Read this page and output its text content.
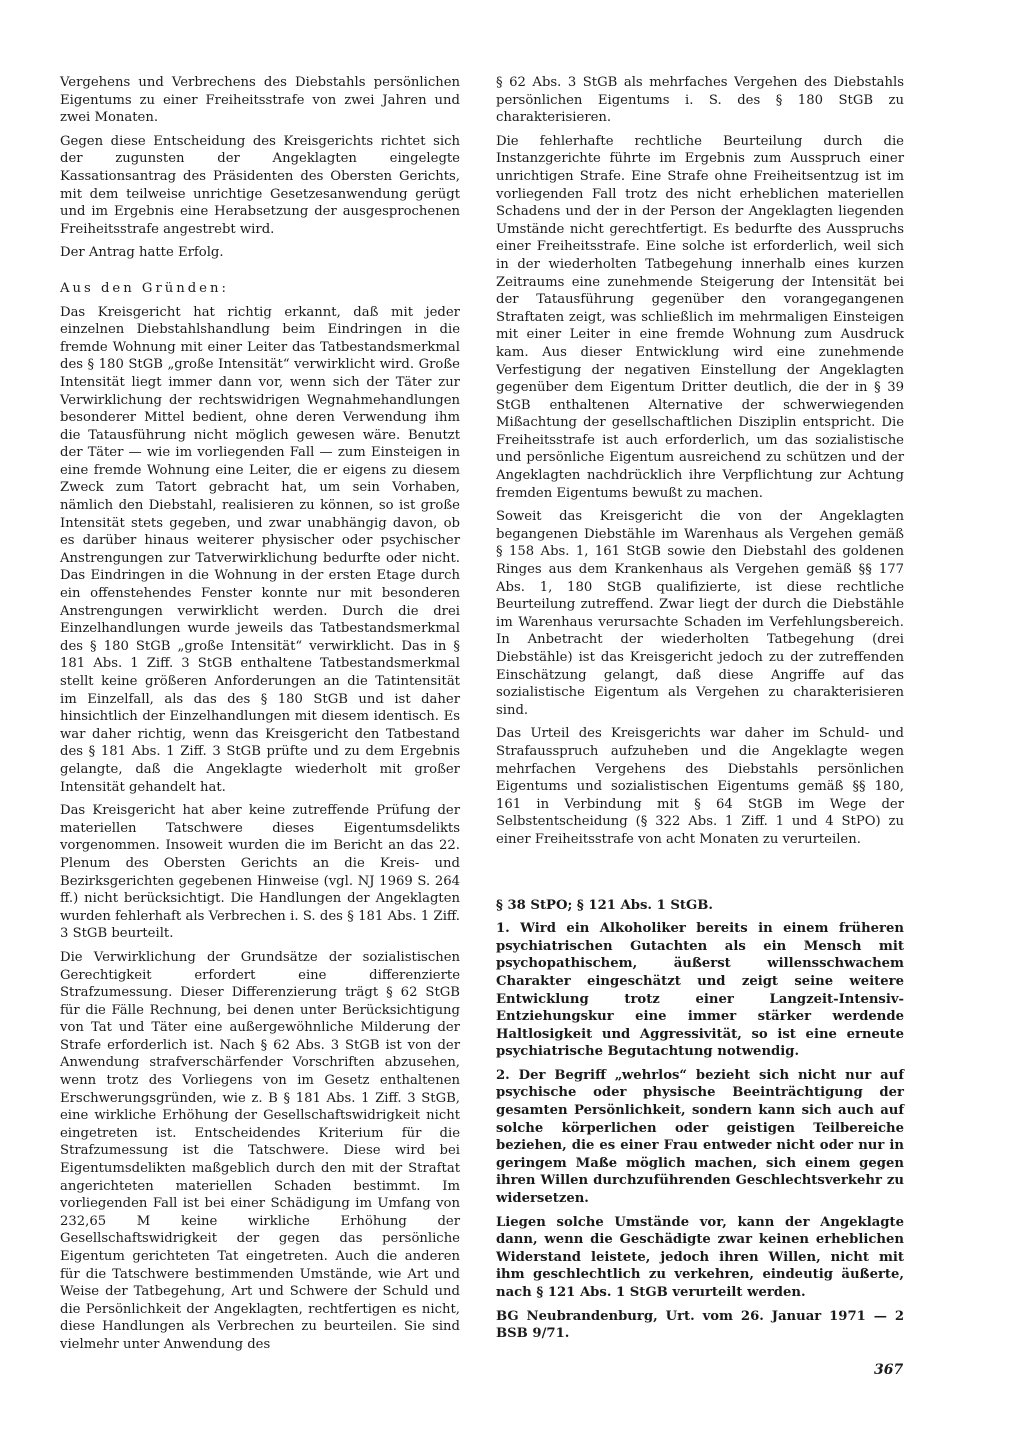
Vergehens und Verbrechens des Diebstahls persönlichen Eigentums zu einer Freiheitsstrafe von zwei Jahren und zwei Monaten.

Gegen diese Entscheidung des Kreisgerichts richtet sich der zugunsten der Angeklagten eingelegte Kassationsantrag des Präsidenten des Obersten Gerichts, mit dem teilweise unrichtige Gesetzesanwendung gerügt und im Ergebnis eine Herabsetzung der ausgesprochenen Freiheitsstrafe angestrebt wird.

Der Antrag hatte Erfolg.

Aus den Gründen:

Das Kreisgericht hat richtig erkannt, daß mit jeder einzelnen Diebstahlshandlung beim Eindringen in die fremde Wohnung mit einer Leiter das Tatbestandsmerkmal des § 180 StGB „große Intensität“ verwirklicht wird. Große Intensität liegt immer dann vor, wenn sich der Täter zur Verwirklichung der rechtswidrigen Wegnahmehandlungen besonderer Mittel bedient, ohne deren Verwendung ihm die Tatausführung nicht möglich gewesen wäre. Benutzt der Täter — wie im vorliegenden Fall — zum Einsteigen in eine fremde Wohnung eine Leiter, die er eigens zu diesem Zweck zum Tatort gebracht hat, um sein Vorhaben, nämlich den Diebstahl, realisieren zu können, so ist große Intensität stets gegeben, und zwar unabhängig davon, ob es darüber hinaus weiterer physischer oder psychischer Anstrengungen zur Tatverwirklichung bedurfte oder nicht. Das Eindringen in die Wohnung in der ersten Etage durch ein offenstehendes Fenster konnte nur mit besonderen Anstrengungen verwirklicht werden. Durch die drei Einzelhandlungen wurde jeweils das Tatbestandsmerkmal des § 180 StGB „große Intensität“ verwirklicht. Das in § 181 Abs. 1 Ziff. 3 StGB enthaltene Tatbestandsmerkmal stellt keine größeren Anforderungen an die Tatintensität im Einzelfall, als das des § 180 StGB und ist daher hinsichtlich der Einzelhandlungen mit diesem identisch. Es war daher richtig, wenn das Kreisgericht den Tatbestand des § 181 Abs. 1 Ziff. 3 StGB prüfte und zu dem Ergebnis gelangte, daß die Angeklagte wiederholt mit großer Intensität gehandelt hat.

Das Kreisgericht hat aber keine zutreffende Prüfung der materiellen Tatschwere dieses Eigentumsdelikts vorgenommen. Insoweit wurden die im Bericht an das 22. Plenum des Obersten Gerichts an die Kreis- und Bezirksgerichten gegebenen Hinweise (vgl. NJ 1969 S. 264 ff.) nicht berücksichtigt. Die Handlungen der Angeklagten wurden fehlerhaft als Verbrechen i. S. des § 181 Abs. 1 Ziff. 3 StGB beurteilt.

Die Verwirklichung der Grundsätze der sozialistischen Gerechtigkeit erfordert eine differenzierte Strafzumessung. Dieser Differenzierung trägt § 62 StGB für die Fälle Rechnung, bei denen unter Berücksichtigung von Tat und Täter eine außergewöhnliche Milderung der Strafe erforderlich ist. Nach § 62 Abs. 3 StGB ist von der Anwendung strafverschärfender Vorschriften abzusehen, wenn trotz des Vorliegens von im Gesetz enthaltenen Erschwerungsgründen, wie z. B § 181 Abs. 1 Ziff. 3 StGB, eine wirkliche Erhöhung der Gesellschaftswidrigkeit nicht eingetreten ist. Entscheidendes Kriterium für die Strafzumessung ist die Tatschwere. Diese wird bei Eigentumsdelikten maßgeblich durch den mit der Straftat angerichteten materiellen Schaden bestimmt. Im vorliegenden Fall ist bei einer Schädigung im Umfang von 232,65 M keine wirkliche Erhöhung der Gesellschaftswidrigkeit der gegen das persönliche Eigentum gerichteten Tat eingetreten. Auch die anderen für die Tatschwere bestimmenden Umstände, wie Art und Weise der Tatbegehung, Art und Schwere der Schuld und die Persönlichkeit der Angeklagten, rechtfertigen es nicht, diese Handlungen als Verbrechen zu beurteilen. Sie sind vielmehr unter Anwendung des

§ 62 Abs. 3 StGB als mehrfaches Vergehen des Diebstahls persönlichen Eigentums i. S. des § 180 StGB zu charakterisieren.

Die fehlerhafte rechtliche Beurteilung durch die Instanzgerichte führte im Ergebnis zum Ausspruch einer unrichtigen Strafe. Eine Strafe ohne Freiheitsentzug ist im vorliegenden Fall trotz des nicht erheblichen materiellen Schadens und der in der Person der Angeklagten liegenden Umstände nicht gerechtfertigt. Es bedurfte des Ausspruchs einer Freiheitsstrafe. Eine solche ist erforderlich, weil sich in der wiederholten Tatbegehung innerhalb eines kurzen Zeitraums eine zunehmende Steigerung der Intensität bei der Tatausführung gegenüber den vorangegangenen Straftaten zeigt, was schließlich im mehrmaligen Einsteigen mit einer Leiter in eine fremde Wohnung zum Ausdruck kam. Aus dieser Entwicklung wird eine zunehmende Verfestigung der negativen Einstellung der Angeklagten gegenüber dem Eigentum Dritter deutlich, die der in § 39 StGB enthaltenen Alternative der schwerwiegenden Mißachtung der gesellschaftlichen Disziplin entspricht. Die Freiheitsstrafe ist auch erforderlich, um das sozialistische und persönliche Eigentum ausreichend zu schützen und der Angeklagten nachdrücklich ihre Verpflichtung zur Achtung fremden Eigentums bewußt zu machen.

Soweit das Kreisgericht die von der Angeklagten begangenen Diebstähle im Warenhaus als Vergehen gemäß § 158 Abs. 1, 161 StGB sowie den Diebstahl des goldenen Ringes aus dem Krankenhaus als Vergehen gemäß §§ 177 Abs. 1, 180 StGB qualifizierte, ist diese rechtliche Beurteilung zutreffend. Zwar liegt der durch die Diebstähle im Warenhaus verursachte Schaden im Verfehlungsbereich. In Anbetracht der wiederholten Tatbegehung (drei Diebstähle) ist das Kreisgericht jedoch zu der zutreffenden Einschätzung gelangt, daß diese Angriffe auf das sozialistische Eigentum als Vergehen zu charakterisieren sind.

Das Urteil des Kreisgerichts war daher im Schuld- und Strafausspruch aufzuheben und die Angeklagte wegen mehrfachen Vergehens des Diebstahls persönlichen Eigentums und sozialistischen Eigentums gemäß §§ 180, 161 in Verbindung mit § 64 StGB im Wege der Selbstentscheidung (§ 322 Abs. 1 Ziff. 1 und 4 StPO) zu einer Freiheitsstrafe von acht Monaten zu verurteilen.

§ 38 StPO; § 121 Abs. 1 StGB.

1. Wird ein Alkoholiker bereits in einem früheren psychiatrischen Gutachten als ein Mensch mit psychopathischem, äußerst willensschwachem Charakter eingeschätzt und zeigt seine weitere Entwicklung trotz einer Langzeit-Intensiv-Entziehungskur eine immer stärker werdende Haltlosigkeit und Aggressivität, so ist eine erneute psychiatrische Begutachtung notwendig.

2. Der Begriff „wehrlos“ bezieht sich nicht nur auf psychische oder physische Beeinträchtigung der gesamten Persönlichkeit, sondern kann sich auch auf solche körperlichen oder geistigen Teilbereiche beziehen, die es einer Frau entweder nicht oder nur in geringem Maße möglich machen, sich einem gegen ihren Willen durchzuführenden Geschlechtsverkehr zu widersetzen.

Liegen solche Umstände vor, kann der Angeklagte dann, wenn die Geschädigte zwar keinen erheblichen Widerstand leistete, jedoch ihren Willen, nicht mit ihm geschlechtlich zu verkehren, eindeutig äußerte, nach § 121 Abs. 1 StGB verurteilt werden.

BG Neubrandenburg, Urt. vom 26. Januar 1971 — 2 BSB 9/71.

367
